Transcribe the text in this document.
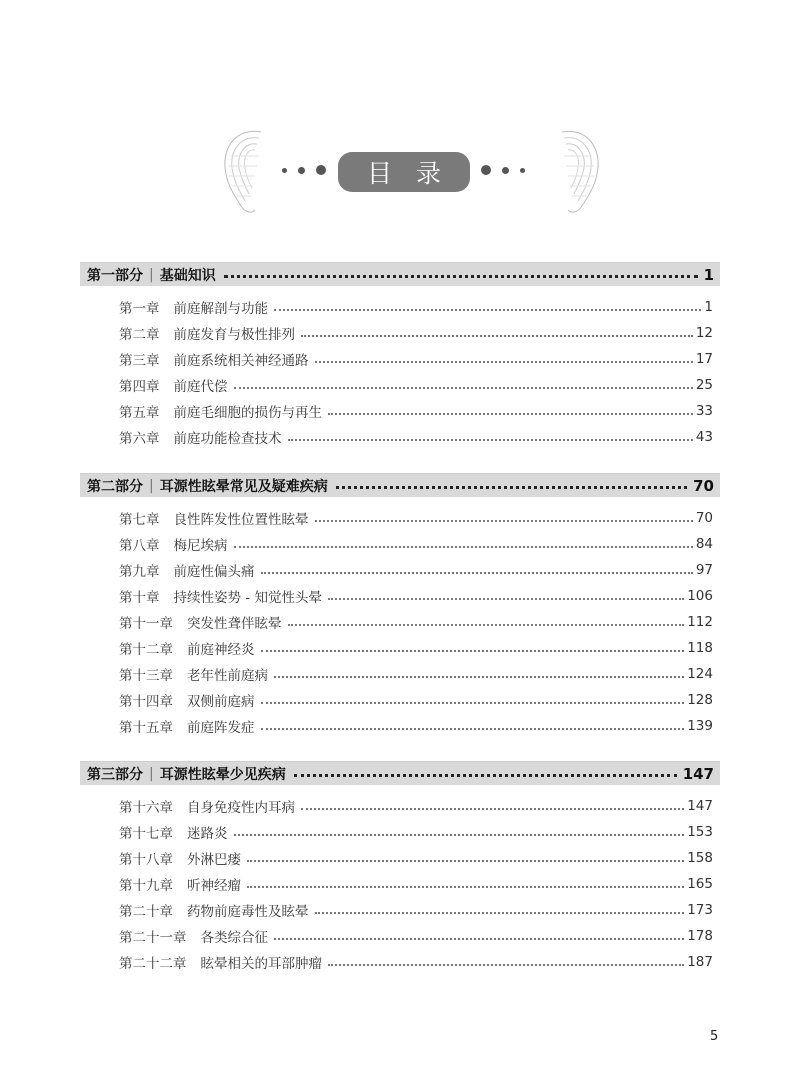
目录
第一部分 | 基础知识	1
第一章 前庭解剖与功能	1
第二章 前庭发育与极性排列	12
第三章 前庭系统相关神经通路	17
第四章 前庭代偿	25
第五章 前庭毛细胞的损伤与再生	33
第六章 前庭功能检查技术	43
第二部分 | 耳源性眩晕常见及疑难疾病	70
第七章 良性阵发性位置性眩晕	70
第八章 梅尼埃病	84
第九章 前庭性偏头痛	97
第十章 持续性姿势 - 知觉性头晕	106
第十一章 突发性聋伴眩晕	112
第十二章 前庭神经炎	118
第十三章 老年性前庭病	124
第十四章 双侧前庭病	128
第十五章 前庭阵发症	139
第三部分 | 耳源性眩晕少见疾病	147
第十六章 自身免疫性内耳病	147
第十七章 迷路炎	153
第十八章 外淋巴瘘	158
第十九章 听神经瘤	165
第二十章 药物前庭毒性及眩晕	173
第二十一章 各类综合征	178
第二十二章 眩晕相关的耳部肿瘤	187
5
